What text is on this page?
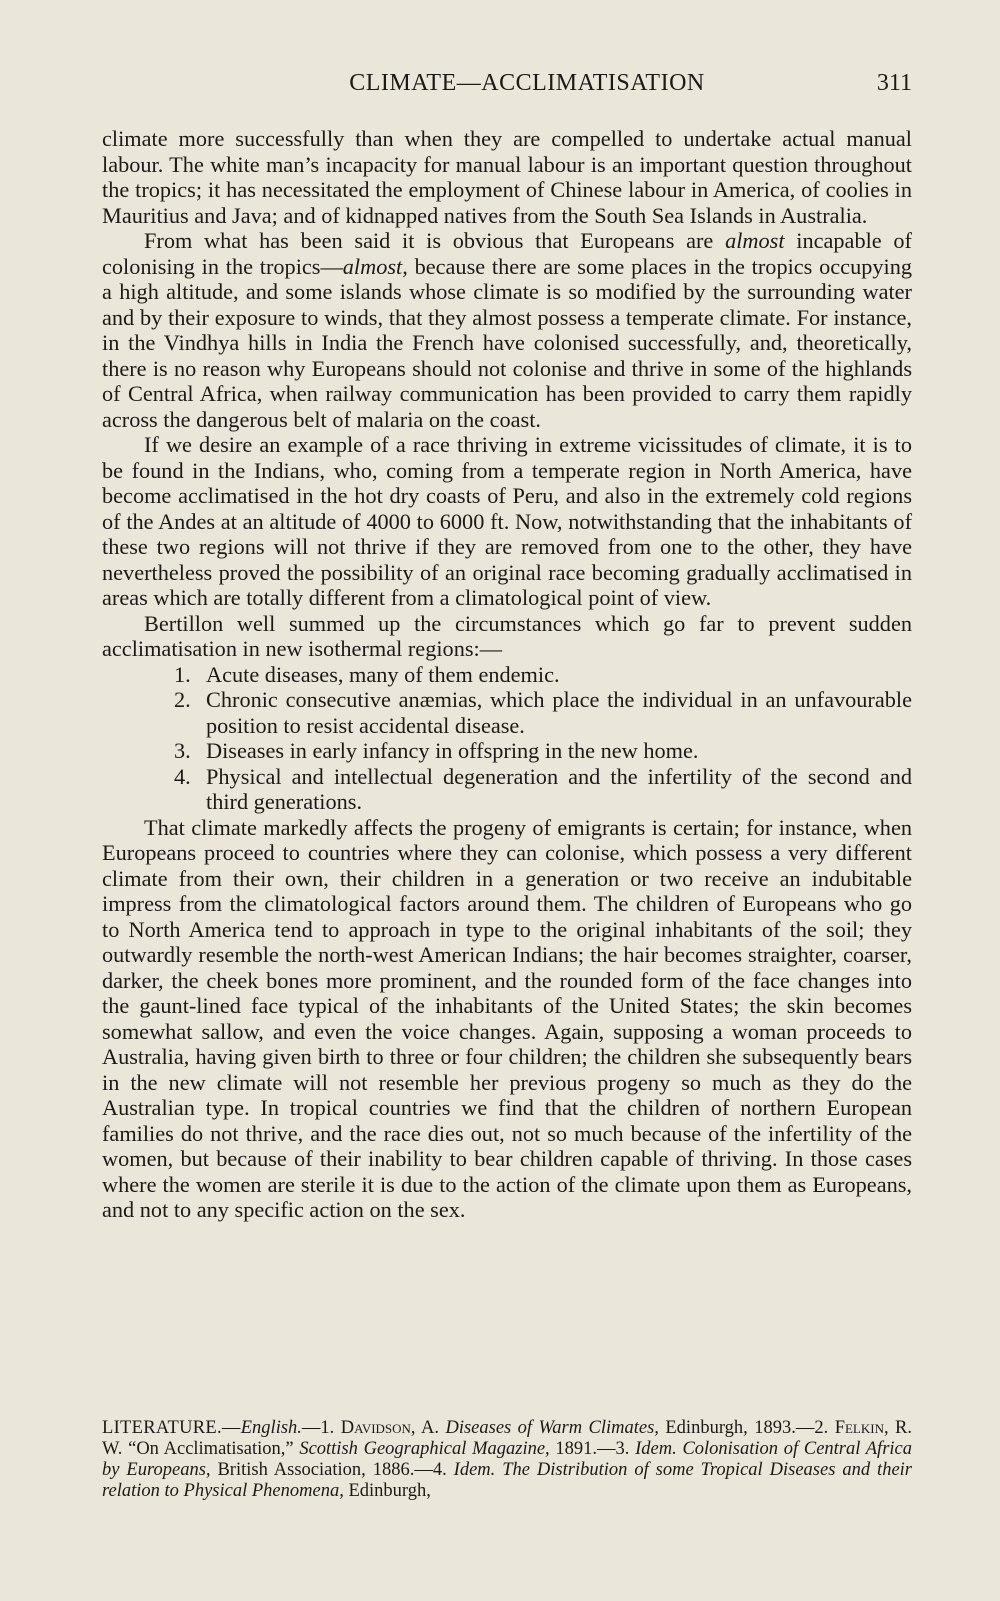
CLIMATE—ACCLIMATISATION	311

climate more successfully than when they are compelled to undertake actual manual labour. The white man’s incapacity for manual labour is an important question throughout the tropics; it has necessitated the employment of Chinese labour in America, of coolies in Mauritius and Java; and of kidnapped natives from the South Sea Islands in Australia.

From what has been said it is obvious that Europeans are almost incapable of colonising in the tropics—almost, because there are some places in the tropics occupying a high altitude, and some islands whose climate is so modified by the surrounding water and by their exposure to winds, that they almost possess a temperate climate. For instance, in the Vindhya hills in India the French have colonised successfully, and, theoretically, there is no reason why Europeans should not colonise and thrive in some of the highlands of Central Africa, when railway communication has been provided to carry them rapidly across the dangerous belt of malaria on the coast.

If we desire an example of a race thriving in extreme vicissitudes of climate, it is to be found in the Indians, who, coming from a temperate region in North America, have become acclimatised in the hot dry coasts of Peru, and also in the extremely cold regions of the Andes at an altitude of 4000 to 6000 ft. Now, notwithstanding that the inhabitants of these two regions will not thrive if they are removed from one to the other, they have nevertheless proved the possibility of an original race becoming gradually acclimatised in areas which are totally different from a climatological point of view.

Bertillon well summed up the circumstances which go far to prevent sudden acclimatisation in new isothermal regions:—

1. Acute diseases, many of them endemic.
2. Chronic consecutive anæmias, which place the individual in an unfavourable position to resist accidental disease.
3. Diseases in early infancy in offspring in the new home.
4. Physical and intellectual degeneration and the infertility of the second and third generations.

That climate markedly affects the progeny of emigrants is certain; for instance, when Europeans proceed to countries where they can colonise, which possess a very different climate from their own, their children in a generation or two receive an indubitable impress from the climatological factors around them. The children of Europeans who go to North America tend to approach in type to the original inhabitants of the soil; they outwardly resemble the north-west American Indians; the hair becomes straighter, coarser, darker, the cheek bones more prominent, and the rounded form of the face changes into the gaunt-lined face typical of the inhabitants of the United States; the skin becomes somewhat sallow, and even the voice changes. Again, supposing a woman proceeds to Australia, having given birth to three or four children; the children she subsequently bears in the new climate will not resemble her previous progeny so much as they do the Australian type. In tropical countries we find that the children of northern European families do not thrive, and the race dies out, not so much because of the infertility of the women, but because of their inability to bear children capable of thriving. In those cases where the women are sterile it is due to the action of the climate upon them as Europeans, and not to any specific action on the sex.

LITERATURE.—English.—1. Davidson, A. Diseases of Warm Climates, Edinburgh, 1893.—2. Felkin, R. W. “On Acclimatisation,” Scottish Geographical Magazine, 1891.—3. Idem. Colonisation of Central Africa by Europeans, British Association, 1886.—4. Idem. The Distribution of some Tropical Diseases and their relation to Physical Phenomena, Edinburgh,
